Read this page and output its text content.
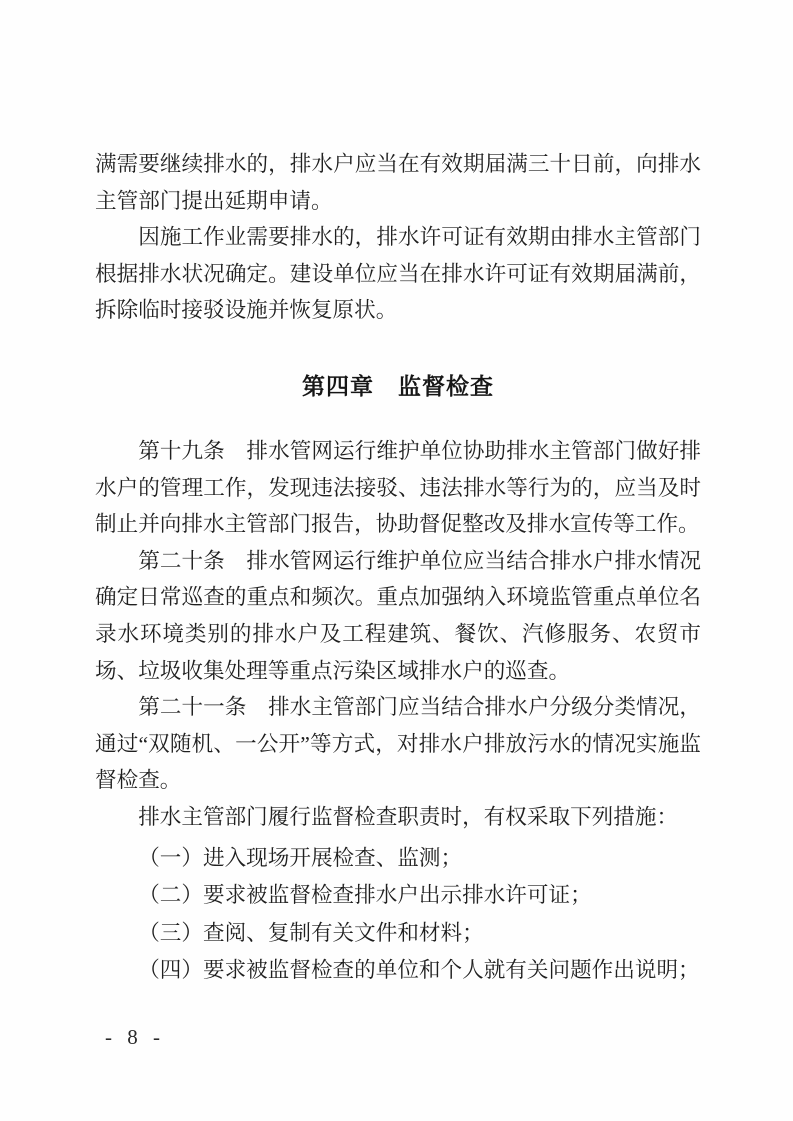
满需要继续排水的，排水户应当在有效期届满三十日前，向排水主管部门提出延期申请。

因施工作业需要排水的，排水许可证有效期由排水主管部门根据排水状况确定。建设单位应当在排水许可证有效期届满前，拆除临时接驳设施并恢复原状。

第四章　监督检查

第十九条　排水管网运行维护单位协助排水主管部门做好排水户的管理工作，发现违法接驳、违法排水等行为的，应当及时制止并向排水主管部门报告，协助督促整改及排水宣传等工作。

第二十条　排水管网运行维护单位应当结合排水户排水情况确定日常巡查的重点和频次。重点加强纳入环境监管重点单位名录水环境类别的排水户及工程建筑、餐饮、汽修服务、农贸市场、垃圾收集处理等重点污染区域排水户的巡查。

第二十一条　排水主管部门应当结合排水户分级分类情况，通过“双随机、一公开”等方式，对排水户排放污水的情况实施监督检查。

排水主管部门履行监督检查职责时，有权采取下列措施：

（一）进入现场开展检查、监测；

（二）要求被监督检查排水户出示排水许可证；

（三）查阅、复制有关文件和材料；

（四）要求被监督检查的单位和个人就有关问题作出说明；

- 8 -
